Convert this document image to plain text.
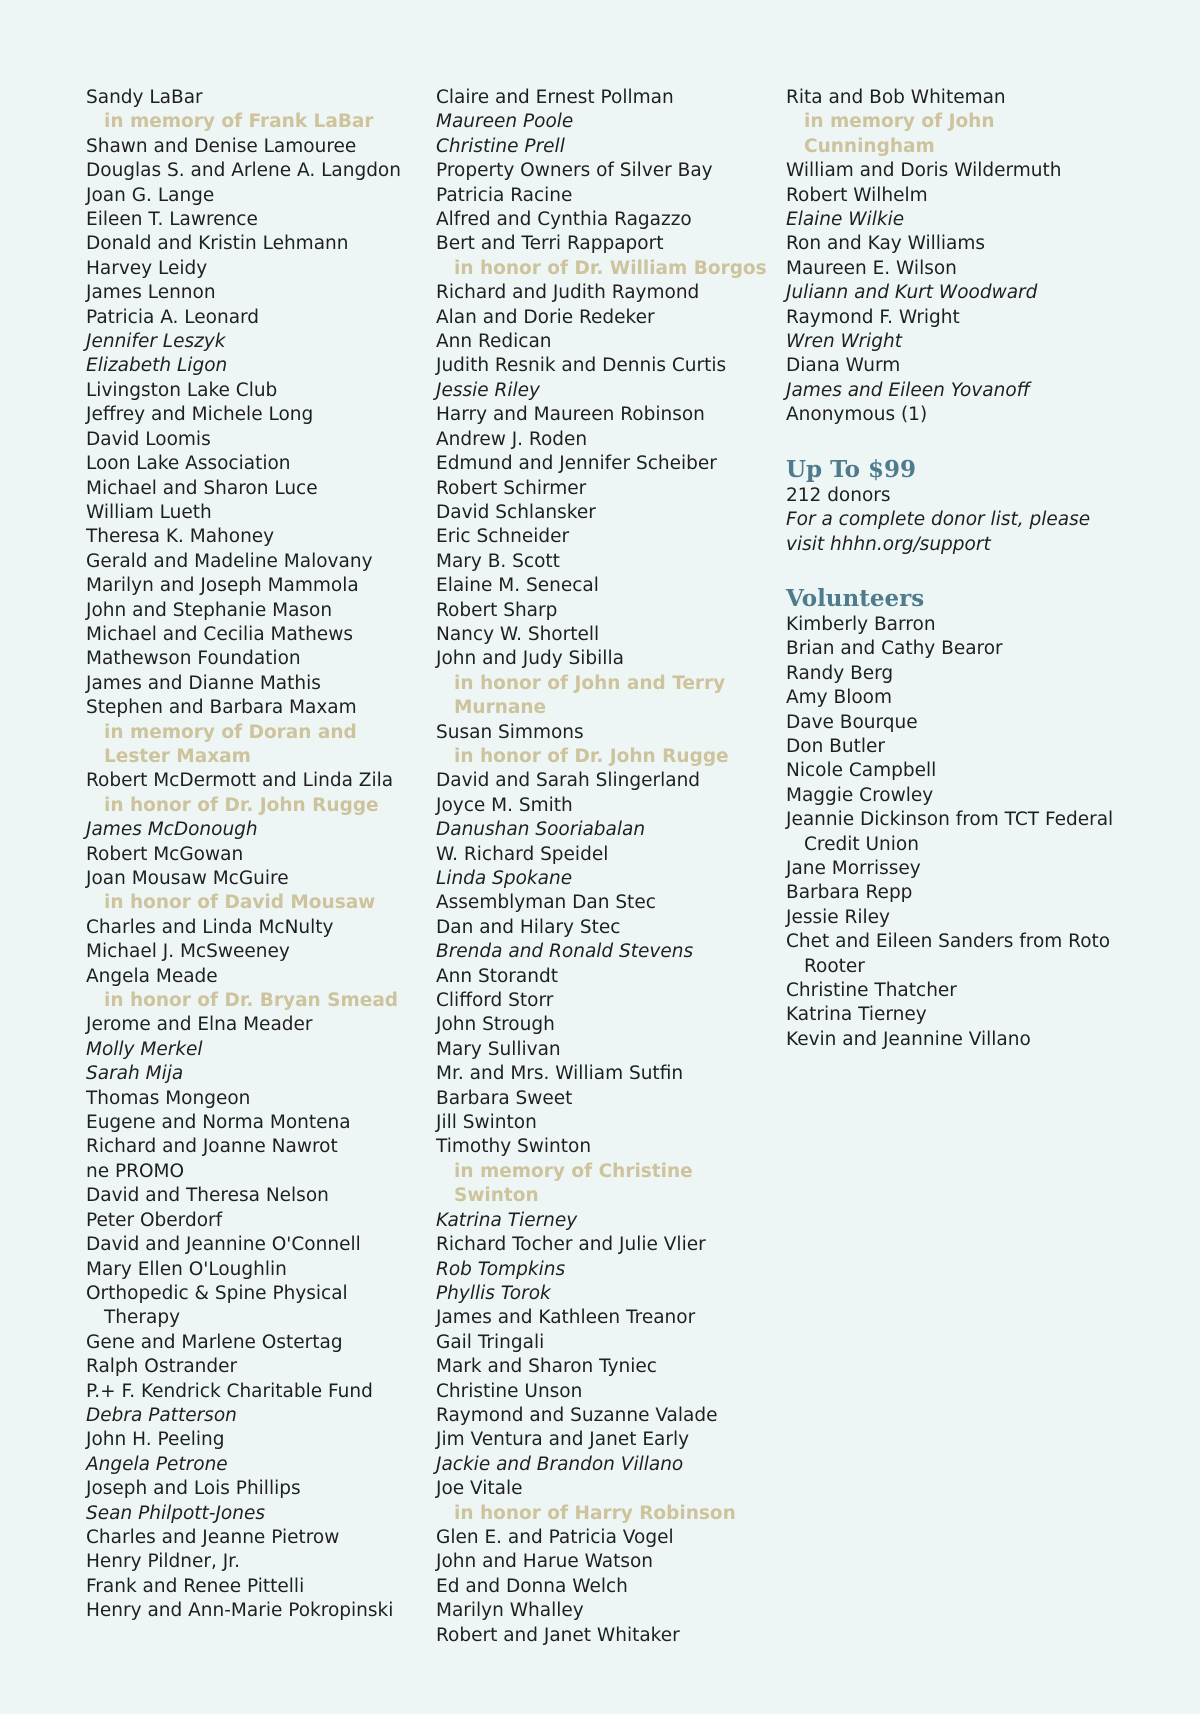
Sandy LaBar
in memory of Frank LaBar
Shawn and Denise Lamouree
Douglas S. and Arlene A. Langdon
Joan G. Lange
Eileen T. Lawrence
Donald and Kristin Lehmann
Harvey Leidy
James Lennon
Patricia A. Leonard
Jennifer Leszyk
Elizabeth Ligon
Livingston Lake Club
Jeffrey and Michele Long
David Loomis
Loon Lake Association
Michael and Sharon Luce
William Lueth
Theresa K. Mahoney
Gerald and Madeline Malovany
Marilyn and Joseph Mammola
John and Stephanie Mason
Michael and Cecilia Mathews
Mathewson Foundation
James and Dianne Mathis
Stephen and Barbara Maxam
in memory of Doran and Lester Maxam
Robert McDermott and Linda Zila
in honor of Dr. John Rugge
James McDonough
Robert McGowan
Joan Mousaw McGuire
in honor of David Mousaw
Charles and Linda McNulty
Michael J. McSweeney
Angela Meade
in honor of Dr. Bryan Smead
Jerome and Elna Meader
Molly Merkel
Sarah Mija
Thomas Mongeon
Eugene and Norma Montena
Richard and Joanne Nawrot
ne PROMO
David and Theresa Nelson
Peter Oberdorf
David and Jeannine O'Connell
Mary Ellen O'Loughlin
Orthopedic & Spine Physical Therapy
Gene and Marlene Ostertag
Ralph Ostrander
P.+ F. Kendrick Charitable Fund
Debra Patterson
John H. Peeling
Angela Petrone
Joseph and Lois Phillips
Sean Philpott-Jones
Charles and Jeanne Pietrow
Henry Pildner, Jr.
Frank and Renee Pittelli
Henry and Ann-Marie Pokropinski
Claire and Ernest Pollman
Maureen Poole
Christine Prell
Property Owners of Silver Bay
Patricia Racine
Alfred and Cynthia Ragazzo
Bert and Terri Rappaport
in honor of Dr. William Borgos
Richard and Judith Raymond
Alan and Dorie Redeker
Ann Redican
Judith Resnik and Dennis Curtis
Jessie Riley
Harry and Maureen Robinson
Andrew J. Roden
Edmund and Jennifer Scheiber
Robert Schirmer
David Schlansker
Eric Schneider
Mary B. Scott
Elaine M. Senecal
Robert Sharp
Nancy W. Shortell
John and Judy Sibilla
in honor of John and Terry Murnane
Susan Simmons
in honor of Dr. John Rugge
David and Sarah Slingerland
Joyce M. Smith
Danushan Sooriabalan
W. Richard Speidel
Linda Spokane
Assemblyman Dan Stec
Dan and Hilary Stec
Brenda and Ronald Stevens
Ann Storandt
Clifford Storr
John Strough
Mary Sullivan
Mr. and Mrs. William Sutfin
Barbara Sweet
Jill Swinton
Timothy Swinton
in memory of Christine Swinton
Katrina Tierney
Richard Tocher and Julie Vlier
Rob Tompkins
Phyllis Torok
James and Kathleen Treanor
Gail Tringali
Mark and Sharon Tyniec
Christine Unson
Raymond and Suzanne Valade
Jim Ventura and Janet Early
Jackie and Brandon Villano
Joe Vitale
in honor of Harry Robinson
Glen E. and Patricia Vogel
John and Harue Watson
Ed and Donna Welch
Marilyn Whalley
Robert and Janet Whitaker
Rita and Bob Whiteman
in memory of John Cunningham
William and Doris Wildermuth
Robert Wilhelm
Elaine Wilkie
Ron and Kay Williams
Maureen E. Wilson
Juliann and Kurt Woodward
Raymond F. Wright
Wren Wright
Diana Wurm
James and Eileen Yovanoff
Anonymous (1)
Up To $99
212 donors
For a complete donor list, please visit hhhn.org/support
Volunteers
Kimberly Barron
Brian and Cathy Bearor
Randy Berg
Amy Bloom
Dave Bourque
Don Butler
Nicole Campbell
Maggie Crowley
Jeannie Dickinson from TCT Federal Credit Union
Jane Morrissey
Barbara Repp
Jessie Riley
Chet and Eileen Sanders from Roto Rooter
Christine Thatcher
Katrina Tierney
Kevin and Jeannine Villano
